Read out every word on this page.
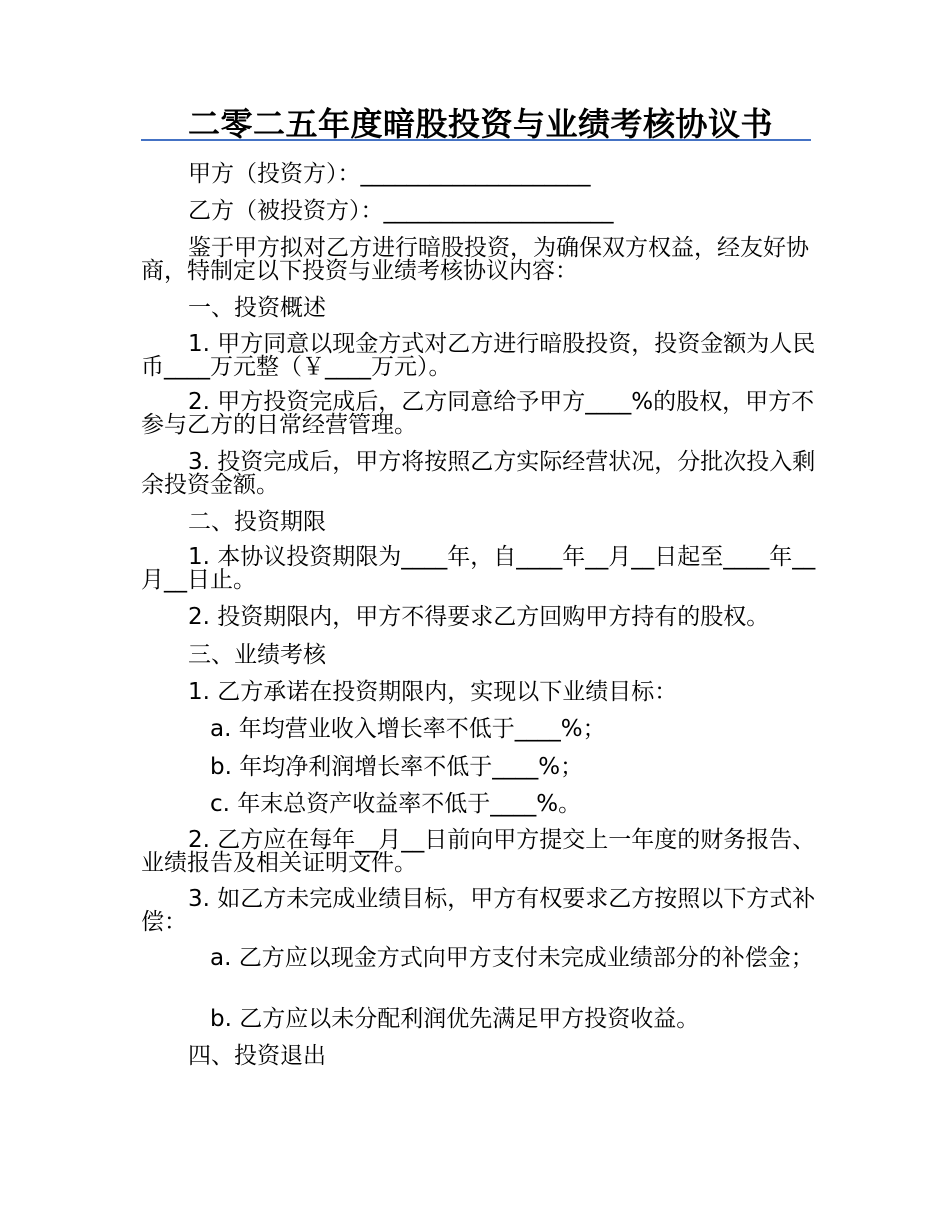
二零二五年度暗股投资与业绩考核协议书

甲方（投资方）：____________________

乙方（被投资方）：____________________

鉴于甲方拟对乙方进行暗股投资，为确保双方权益，经友好协商，特制定以下投资与业绩考核协议内容：

一、投资概述

1. 甲方同意以现金方式对乙方进行暗股投资，投资金额为人民币____万元整（￥____万元）。

2. 甲方投资完成后，乙方同意给予甲方____%的股权，甲方不参与乙方的日常经营管理。

3. 投资完成后，甲方将按照乙方实际经营状况，分批次投入剩余投资金额。

二、投资期限

1. 本协议投资期限为____年，自____年__月__日起至____年__月__日止。

2. 投资期限内，甲方不得要求乙方回购甲方持有的股权。

三、业绩考核

1. 乙方承诺在投资期限内，实现以下业绩目标：

a. 年均营业收入增长率不低于____%；

b. 年均净利润增长率不低于____%；

c. 年末总资产收益率不低于____%。

2. 乙方应在每年__月__日前向甲方提交上一年度的财务报告、业绩报告及相关证明文件。

3. 如乙方未完成业绩目标，甲方有权要求乙方按照以下方式补偿：

a. 乙方应以现金方式向甲方支付未完成业绩部分的补偿金；

b. 乙方应以未分配利润优先满足甲方投资收益。

四、投资退出
